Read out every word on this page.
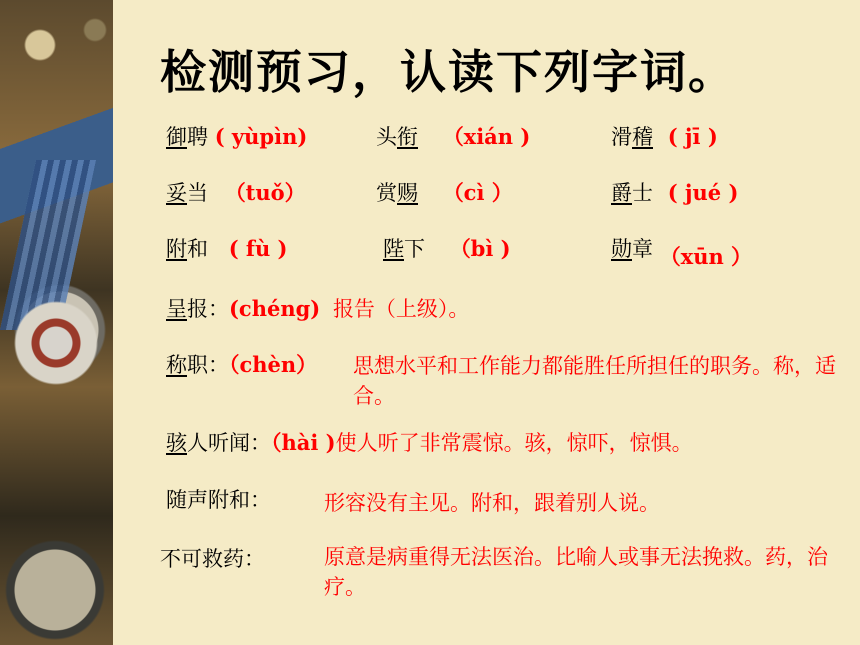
检测预习，认读下列字词。
御聘 ( yùpìn)	头衔 （xián )	滑稽 ( jī )
妥当 （tuǒ）	赏赐 （cì ）	爵士 ( jué )
附和 ( fù )	陛下 （bì )	勋章 （xūn ）
呈报：(chéng) 报告（上级）。
称职：（chèn） 思想水平和工作能力都能胜任所担任的职务。称，适合。
骇人听闻：（hài )使人听了非常震惊。骇，惊吓，惊惧。
随声附和：	形容没有主见。附和，跟着别人说。
不可救药：	原意是病重得无法医治。比喻人或事无法挽救。药，治疗。
